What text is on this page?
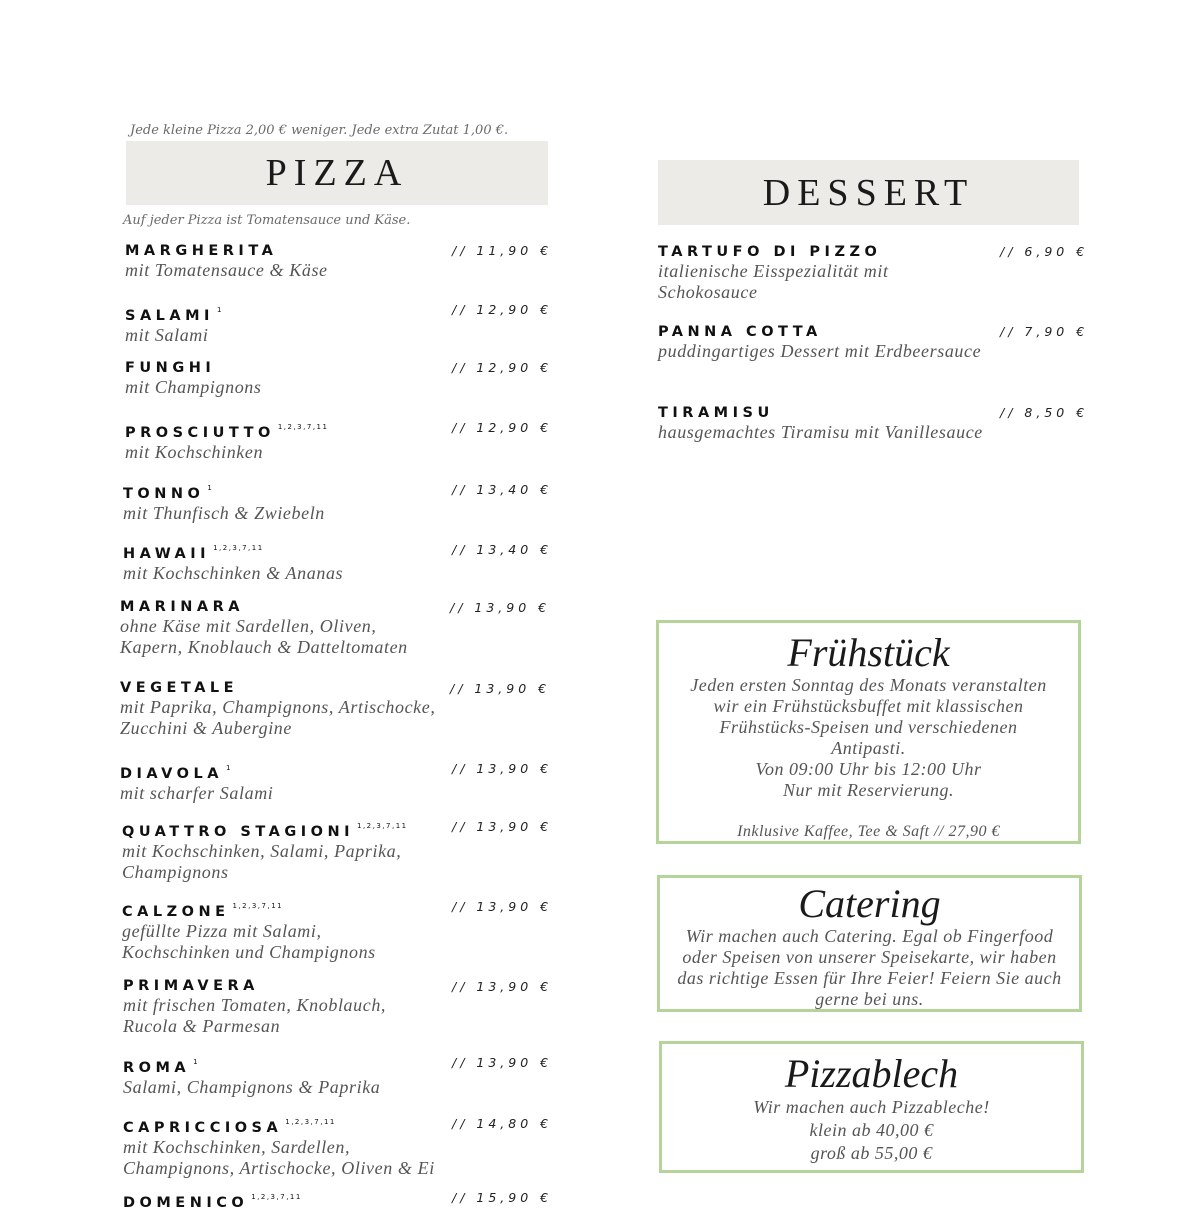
Jede kleine Pizza 2,00 € weniger. Jede extra Zutat 1,00 €.
PIZZA
Auf jeder Pizza ist Tomatensauce und Käse.
MARGHERITA
mit Tomatensauce & Käse
// 11,90 €
SALAMI $^1$
mit Salami
// 12,90 €
FUNGHI
mit Champignons
// 12,90 €
PROSCIUTTO $^{1,2,3,7,11}$
mit Kochschinken
// 12,90 €
TONNO $^1$
mit Thunfisch & Zwiebeln
// 13,40 €
HAWAII $^{1,2,3,7,11}$
mit Kochschinken & Ananas
// 13,40 €
MARINARA
ohne Käse mit Sardellen, Oliven, Kapern, Knoblauch & Datteltomaten
// 13,90 €
VEGETALE
mit Paprika, Champignons, Artischocke, Zucchini & Aubergine
// 13,90 €
DIAVOLA $^1$
mit scharfer Salami
// 13,90 €
QUATTRO STAGIONI $^{1,2,3,7,11}$
mit Kochschinken, Salami, Paprika, Champignons
// 13,90 €
CALZONE $^{1,2,3,7,11}$
gefüllte Pizza mit Salami, Kochschinken und Champignons
// 13,90 €
PRIMAVERA
mit frischen Tomaten, Knoblauch, Rucola & Parmesan
// 13,90 €
ROMA $^1$
Salami, Champignons & Paprika
// 13,90 €
CAPRICCIOSA $^{1,2,3,7,11}$
mit Kochschinken, Sardellen, Champignons, Artischocke, Oliven & Ei
// 14,80 €
DOMENICO $^{1,2,3,7,11}$	// 15,90 €
DESSERT
TARTUFO DI PIZZO
italienische Eisspezialität mit Schokosauce
// 6,90 €
PANNA COTTA
puddingartiges Dessert mit Erdbeersauce
// 7,90 €
TIRAMISU
hausgemachtes Tiramisu mit Vanillesauce
// 8,50 €
Frühstück
Jeden ersten Sonntag des Monats veranstalten
wir ein Frühstücksbuffet mit klassischen
Frühstücks-Speisen und verschiedenen
Antipasti.
Von 09:00 Uhr bis 12:00 Uhr
Nur mit Reservierung.
Inklusive Kaffee, Tee & Saft // 27,90 €
Catering
Wir machen auch Catering. Egal ob Fingerfood
oder Speisen von unserer Speisekarte, wir haben
das richtige Essen für Ihre Feier! Feiern Sie auch
gerne bei uns.
Pizzablech
Wir machen auch Pizzableche!
klein ab 40,00 €
groß ab 55,00 €
